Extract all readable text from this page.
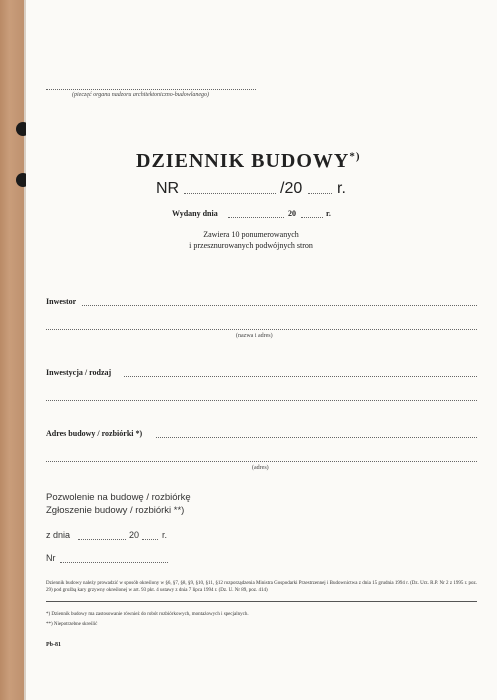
(pieczęć organu nadzoru architektoniczno-budowlanego)
DZIENNIK BUDOWY*)
NR	/20 r.
Wydany dnia	20	r.
Zawiera 10 ponumerowanych
i przesznurowanych podwójnych stron
Inwestor
(nazwa i adres)
Inwestycja / rodzaj
Adres budowy / rozbiórki *)
(adres)
Pozwolenie na budowę / rozbiórkę
Zgłoszenie budowy / rozbiórki **)
z dnia	20	r.
Nr
Dziennik budowy należy prowadzić w sposób określony w §6, §7, §8, §9, §10, §11, §12 rozporządzenia Ministra Gospodarki Przestrzennej i Budownictwa z dnia 15 grudnia 1994 r. (Dz. Urz. R.P. Nr 2 z 1995 r. poz. 29) pod groźbą kary grzywny określonej w art. 93 pkt. 4 ustawy z dnia 7 lipca 1994 r. (Dz. U. Nr 89, poz. 414)
*) Dziennik budowy ma zastosowanie również do robót rozbiórkowych, montażowych i specjalnych.
**) Niepotrzebne skreślić
Pb-81
